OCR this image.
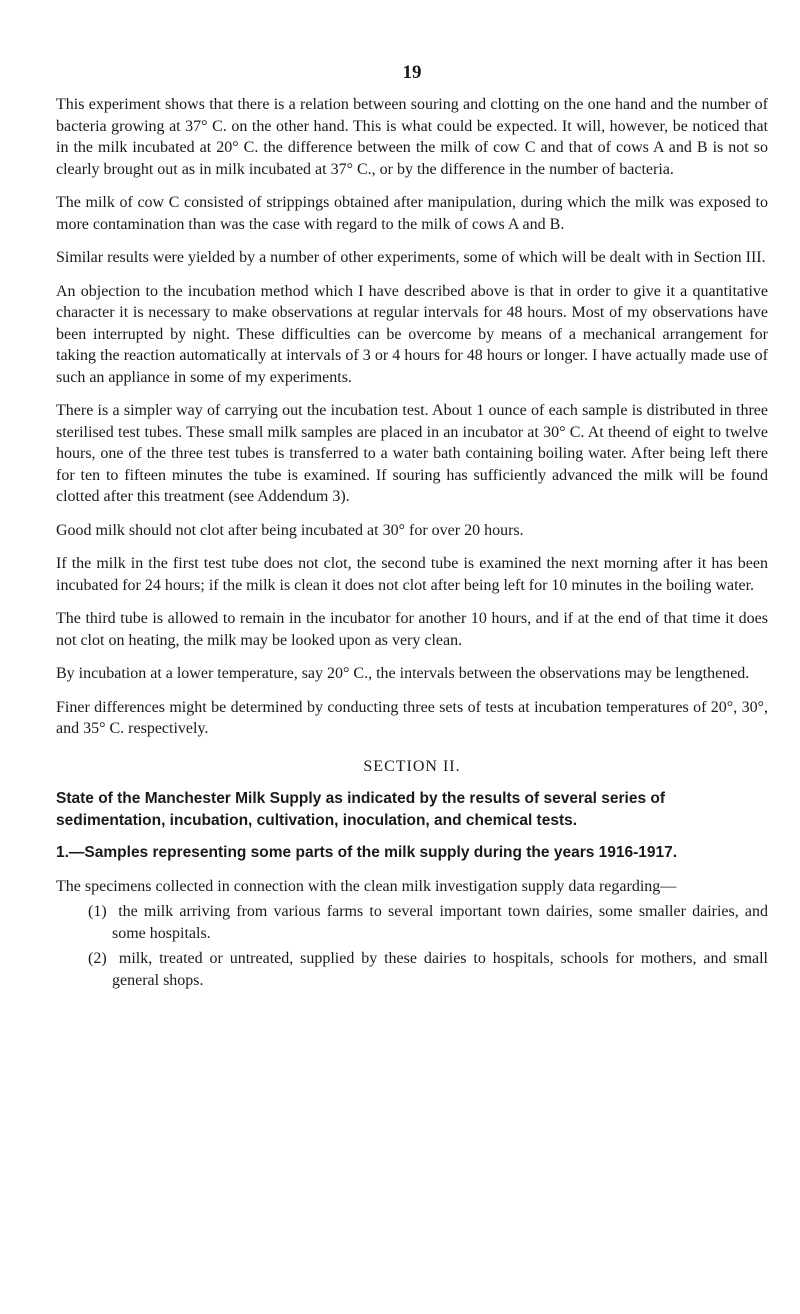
19

This experiment shows that there is a relation between souring and clotting on the one hand and the number of bacteria growing at 37° C. on the other hand. This is what could be expected. It will, however, be noticed that in the milk incubated at 20° C. the difference between the milk of cow C and that of cows A and B is not so clearly brought out as in milk incubated at 37° C., or by the difference in the number of bacteria.

The milk of cow C consisted of strippings obtained after manipulation, during which the milk was exposed to more contamination than was the case with regard to the milk of cows A and B.

Similar results were yielded by a number of other experiments, some of which will be dealt with in Section III.

An objection to the incubation method which I have described above is that in order to give it a quantitative character it is necessary to make observations at regular intervals for 48 hours. Most of my observations have been interrupted by night. These difficulties can be overcome by means of a mechanical arrangement for taking the reaction automatically at intervals of 3 or 4 hours for 48 hours or longer. I have actually made use of such an appliance in some of my experiments.

There is a simpler way of carrying out the incubation test. About 1 ounce of each sample is distributed in three sterilised test tubes. These small milk samples are placed in an incubator at 30° C. At theend of eight to twelve hours, one of the three test tubes is transferred to a water bath containing boiling water. After being left there for ten to fifteen minutes the tube is examined. If souring has sufficiently advanced the milk will be found clotted after this treatment (see Addendum 3).

Good milk should not clot after being incubated at 30° for over 20 hours.

If the milk in the first test tube does not clot, the second tube is examined the next morning after it has been incubated for 24 hours; if the milk is clean it does not clot after being left for 10 minutes in the boiling water.

The third tube is allowed to remain in the incubator for another 10 hours, and if at the end of that time it does not clot on heating, the milk may be looked upon as very clean.

By incubation at a lower temperature, say 20° C., the intervals between the observations may be lengthened.

Finer differences might be determined by conducting three sets of tests at incubation temperatures of 20°, 30°, and 35° C. respectively.

SECTION II.
State of the Manchester Milk Supply as indicated by the results of several series of sedimentation, incubation, cultivation, inoculation, and chemical tests.
1.—Samples representing some parts of the milk supply during the years 1916-1917.

The specimens collected in connection with the clean milk investigation supply data regarding—

(1) the milk arriving from various farms to several important town dairies, some smaller dairies, and some hospitals.
(2) milk, treated or untreated, supplied by these dairies to hospitals, schools for mothers, and small general shops.
